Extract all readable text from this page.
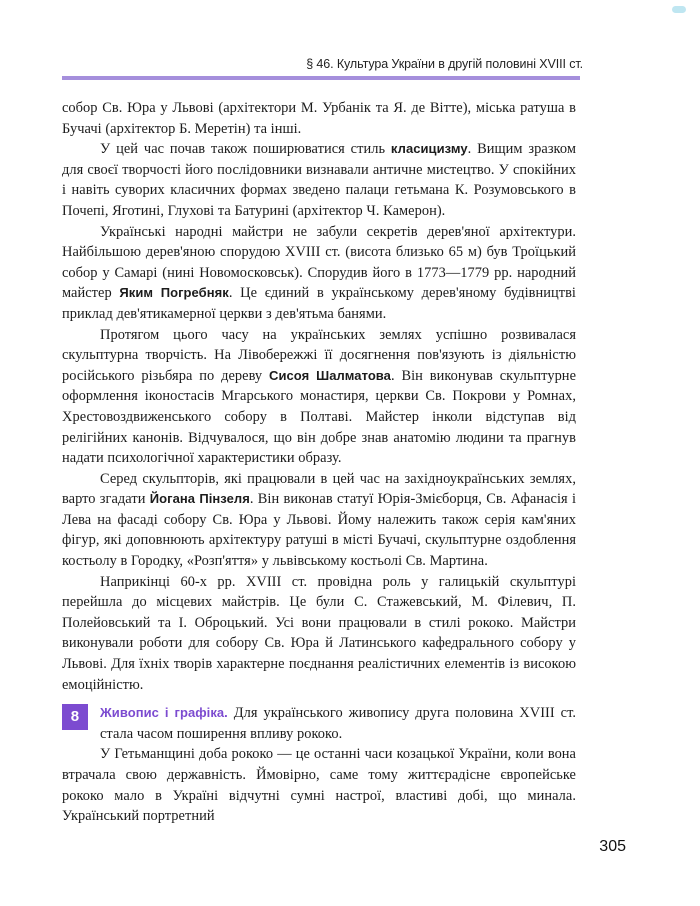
§ 46. Культура України в другій половині XVIII ст.

собор Св. Юра у Львові (архітектори М. Урбанік та Я. де Вітте), міська ратуша в Бучачі (архітектор Б. Меретін) та інші.

У цей час почав також поширюватися стиль класицизму. Вищим зразком для своєї творчості його послідовники визнавали античне мистецтво. У спокійних і навіть суворих класичних формах зведено палаци гетьмана К. Розумовського в Почепі, Яготині, Глухові та Батурині (архітектор Ч. Камерон).

Українські народні майстри не забули секретів дерев'яної архітектури. Найбільшою дерев'яною спорудою XVIII ст. (висота близько 65 м) був Троїцький собор у Самарі (нині Новомосковськ). Спорудив його в 1773—1779 рр. народний майстер Яким Погребняк. Це єдиний в українському дерев'яному будівництві приклад дев'ятикамерної церкви з дев'ятьма банями.

Протягом цього часу на українських землях успішно розвивалася скульптурна творчість. На Лівобережжі її досягнення пов'язують із діяльністю російського різьбяра по дереву Сисоя Шалматова. Він виконував скульптурне оформлення іконостасів Мгарського монастиря, церкви Св. Покрови у Ромнах, Хрестовоздвиженського собору в Полтаві. Майстер інколи відступав від релігійних канонів. Відчувалося, що він добре знав анатомію людини та прагнув надати психологічної характеристики образу.

Серед скульпторів, які працювали в цей час на західноукраїнських землях, варто згадати Йогана Пінзеля. Він виконав статуї Юрія-Змієборця, Св. Афанасія і Лева на фасаді собору Св. Юра у Львові. Йому належить також серія кам'яних фігур, які доповнюють архітектуру ратуші в місті Бучачі, скульптурне оздоблення костьолу в Городку, «Розп'яття» у львівському костьолі Св. Мартина.

Наприкінці 60-х рр. XVIII ст. провідна роль у галицькій скульптурі перейшла до місцевих майстрів. Це були С. Стажевський, М. Філевич, П. Полейовський та І. Оброцький. Усі вони працювали в стилі рококо. Майстри виконували роботи для собору Св. Юра й Латинського кафедрального собору у Львові. Для їхніх творів характерне поєднання реалістичних елементів із високою емоційністю.

8	Живопис і графіка. Для українського живопису друга половина XVIII ст. стала часом поширення впливу рококо.

У Гетьманщині доба рококо — це останні часи козацької України, коли вона втрачала свою державність. Ймовірно, саме тому життєрадісне європейське рококо мало в Україні відчутні сумні настрої, властиві добі, що минала. Український портретний

305
